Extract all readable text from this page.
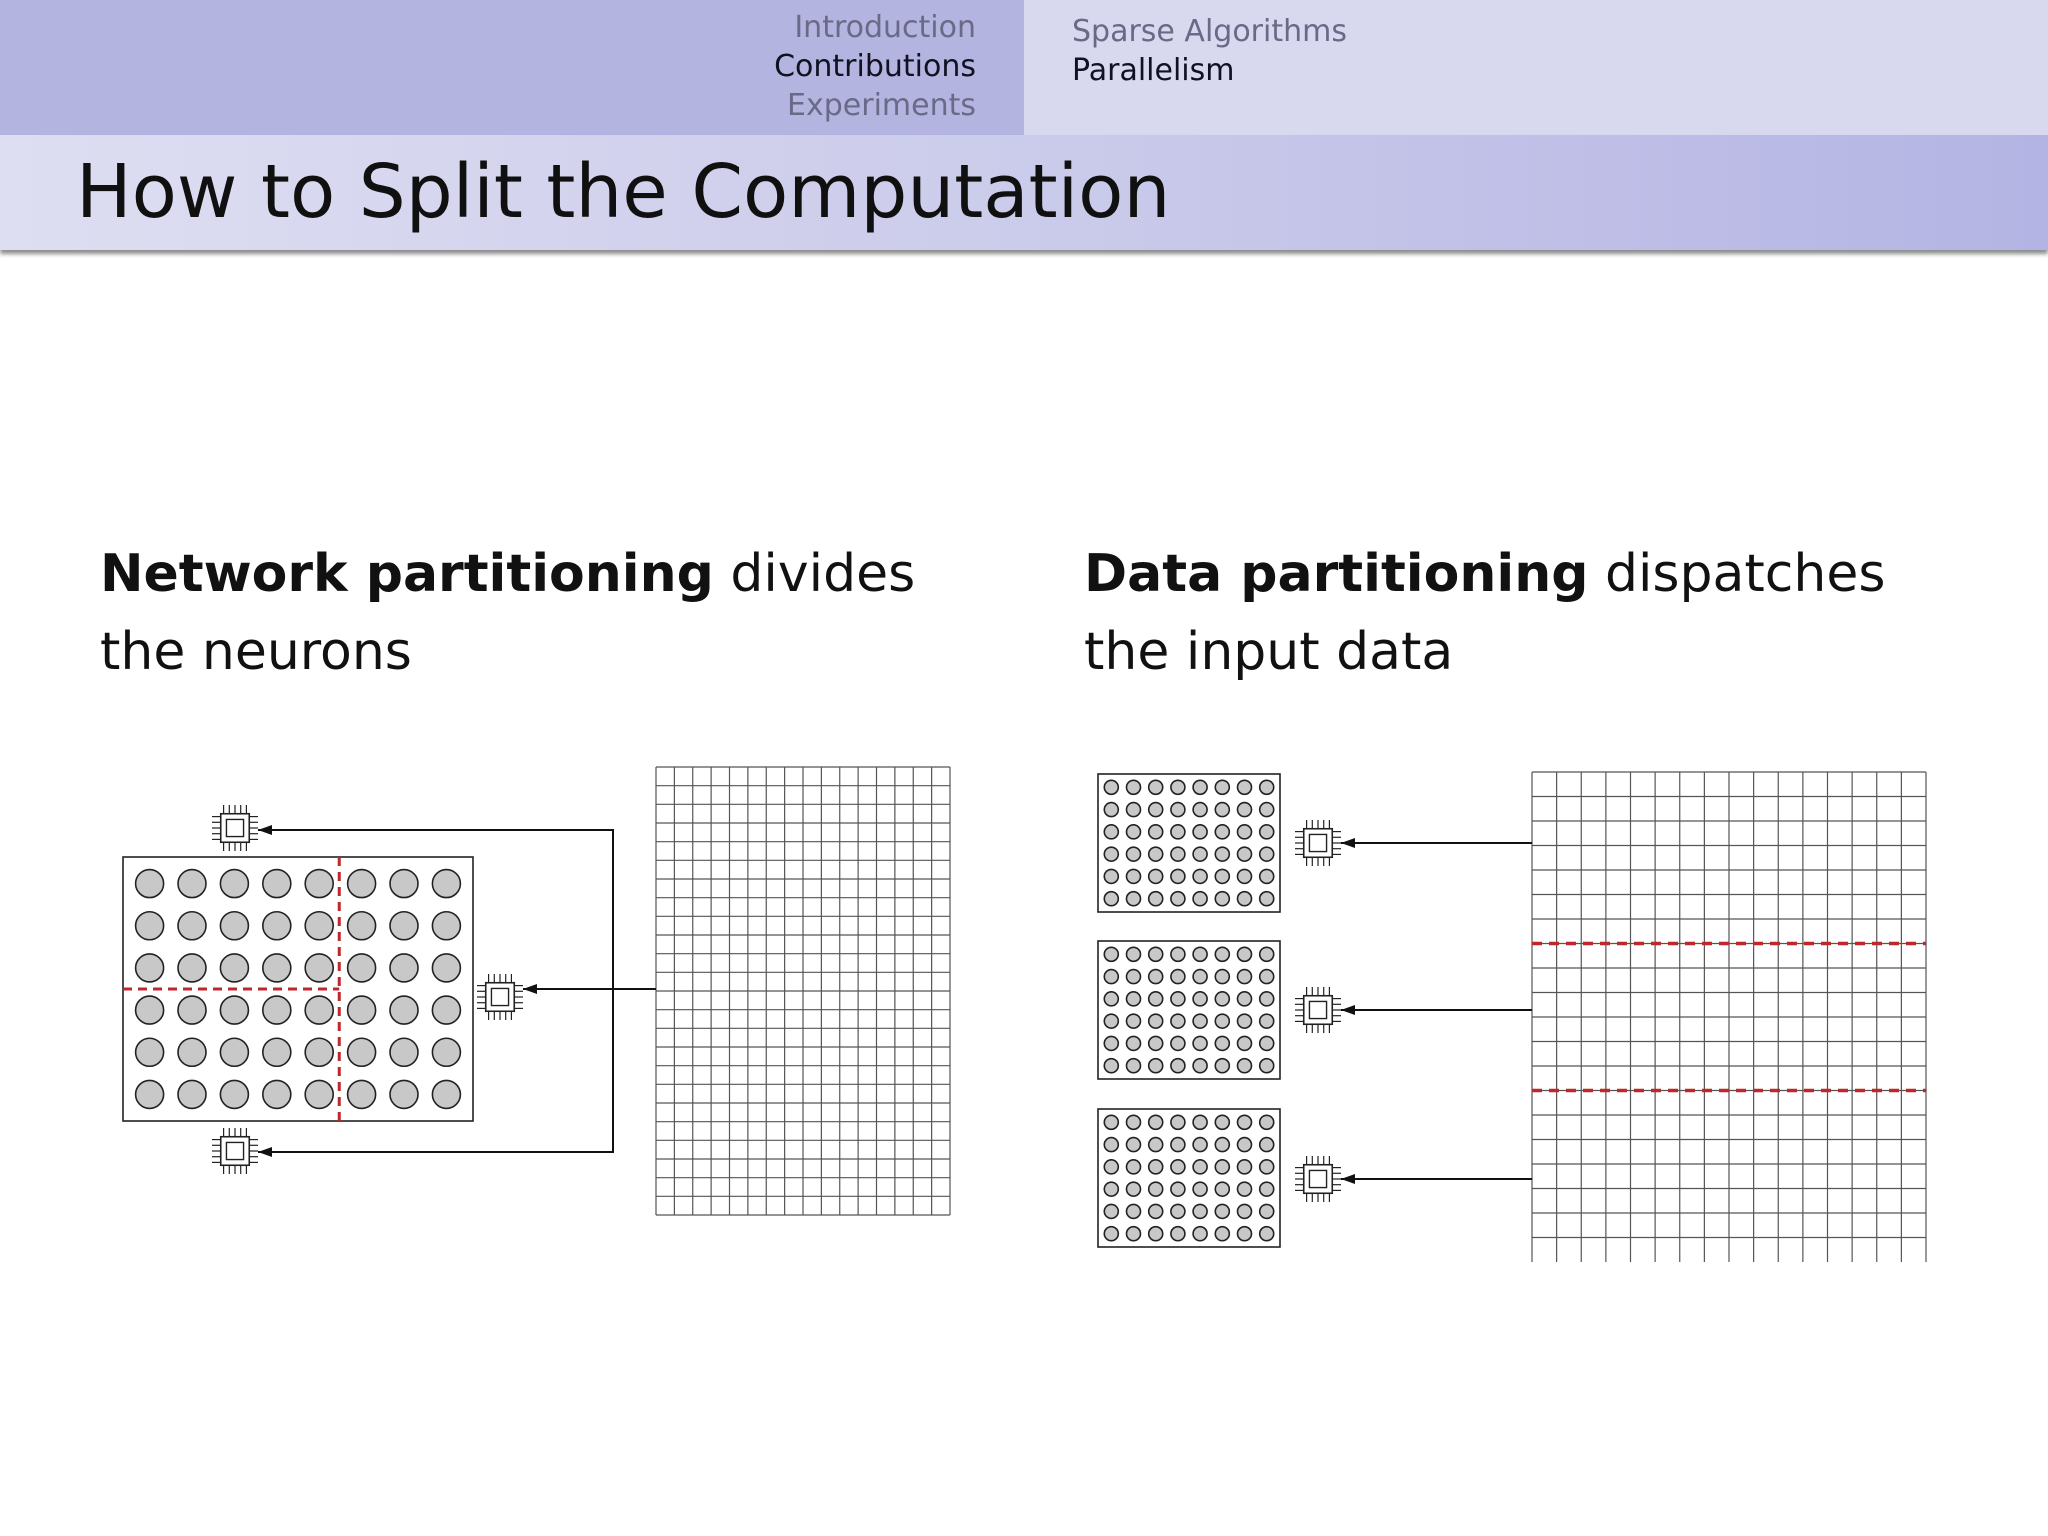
Introduction
Contributions
Experiments
Sparse Algorithms
Parallelism
How to Split the Computation
Network partitioning divides
the neurons
Data partitioning dispatches
the input data
